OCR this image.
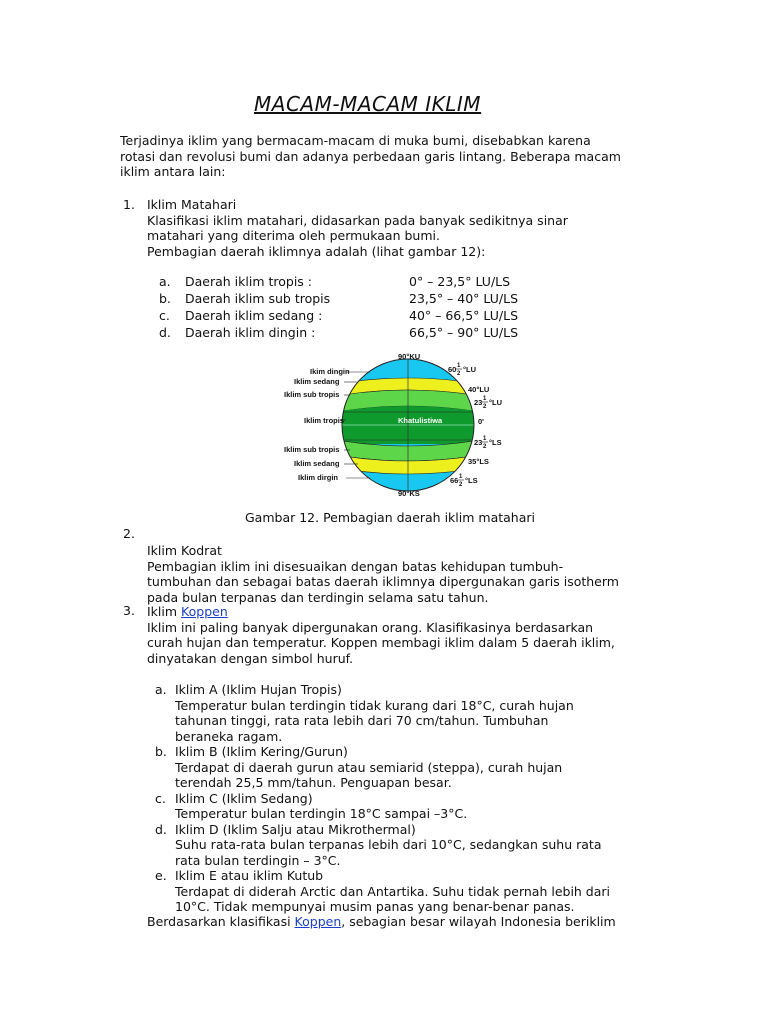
MACAM-MACAM IKLIM
Terjadinya iklim yang bermacam-macam di muka bumi, disebabkan karena
rotasi dan revolusi bumi dan adanya perbedaan garis lintang. Beberapa macam
iklim antara lain:
1. Iklim Matahari
Klasifikasi iklim matahari, didasarkan pada banyak sedikitnya sinar
matahari yang diterima oleh permukaan bumi.
Pembagian daerah iklimnya adalah (lihat gambar 12):
a. Daerah iklim tropis :	0° – 23,5° LU/LS
b. Daerah iklim sub tropis	23,5° – 40° LU/LS
c. Daerah iklim sedang :	40° – 66,5° LU/LS
d. Daerah iklim dingin :	66,5° – 90° LU/LS
Khatulistiwa
90°KU
90°KS
Ikim dingin
Iklim sedang
Iklim sub tropis
Iklim tropis
Iklim sub tropis
Iklim sedang
Iklim dirgin
60 1
2 °LU
40°LU
23 1
2 °LU
0'
23 1
2 °LS
35°LS
66 1
2 °LS
Gambar 12. Pembagian daerah iklim matahari
2.
Iklim Kodrat
Pembagian iklim ini disesuaikan dengan batas kehidupan tumbuh-
tumbuhan dan sebagai batas daerah iklimnya dipergunakan garis isotherm
pada bulan terpanas dan terdingin selama satu tahun.
3. Iklim Koppen
Iklim ini paling banyak dipergunakan orang. Klasifikasinya berdasarkan
curah hujan dan temperatur. Koppen membagi iklim dalam 5 daerah iklim,
dinyatakan dengan simbol huruf.
a. Iklim A (Iklim Hujan Tropis)
Temperatur bulan terdingin tidak kurang dari 18°C, curah hujan
tahunan tinggi, rata rata lebih dari 70 cm/tahun. Tumbuhan
beraneka ragam.
b. Iklim B (Iklim Kering/Gurun)
Terdapat di daerah gurun atau semiarid (steppa), curah hujan
terendah 25,5 mm/tahun. Penguapan besar.
c. Iklim C (Iklim Sedang)
Temperatur bulan terdingin 18°C sampai –3°C.
d. Iklim D (Iklim Salju atau Mikrothermal)
Suhu rata-rata bulan terpanas lebih dari 10°C, sedangkan suhu rata
rata bulan terdingin – 3°C.
e. Iklim E atau iklim Kutub
Terdapat di diderah Arctic dan Antartika. Suhu tidak pernah lebih dari
10°C. Tidak mempunyai musim panas yang benar-benar panas.
Berdasarkan klasifikasi Koppen, sebagian besar wilayah Indonesia beriklim
